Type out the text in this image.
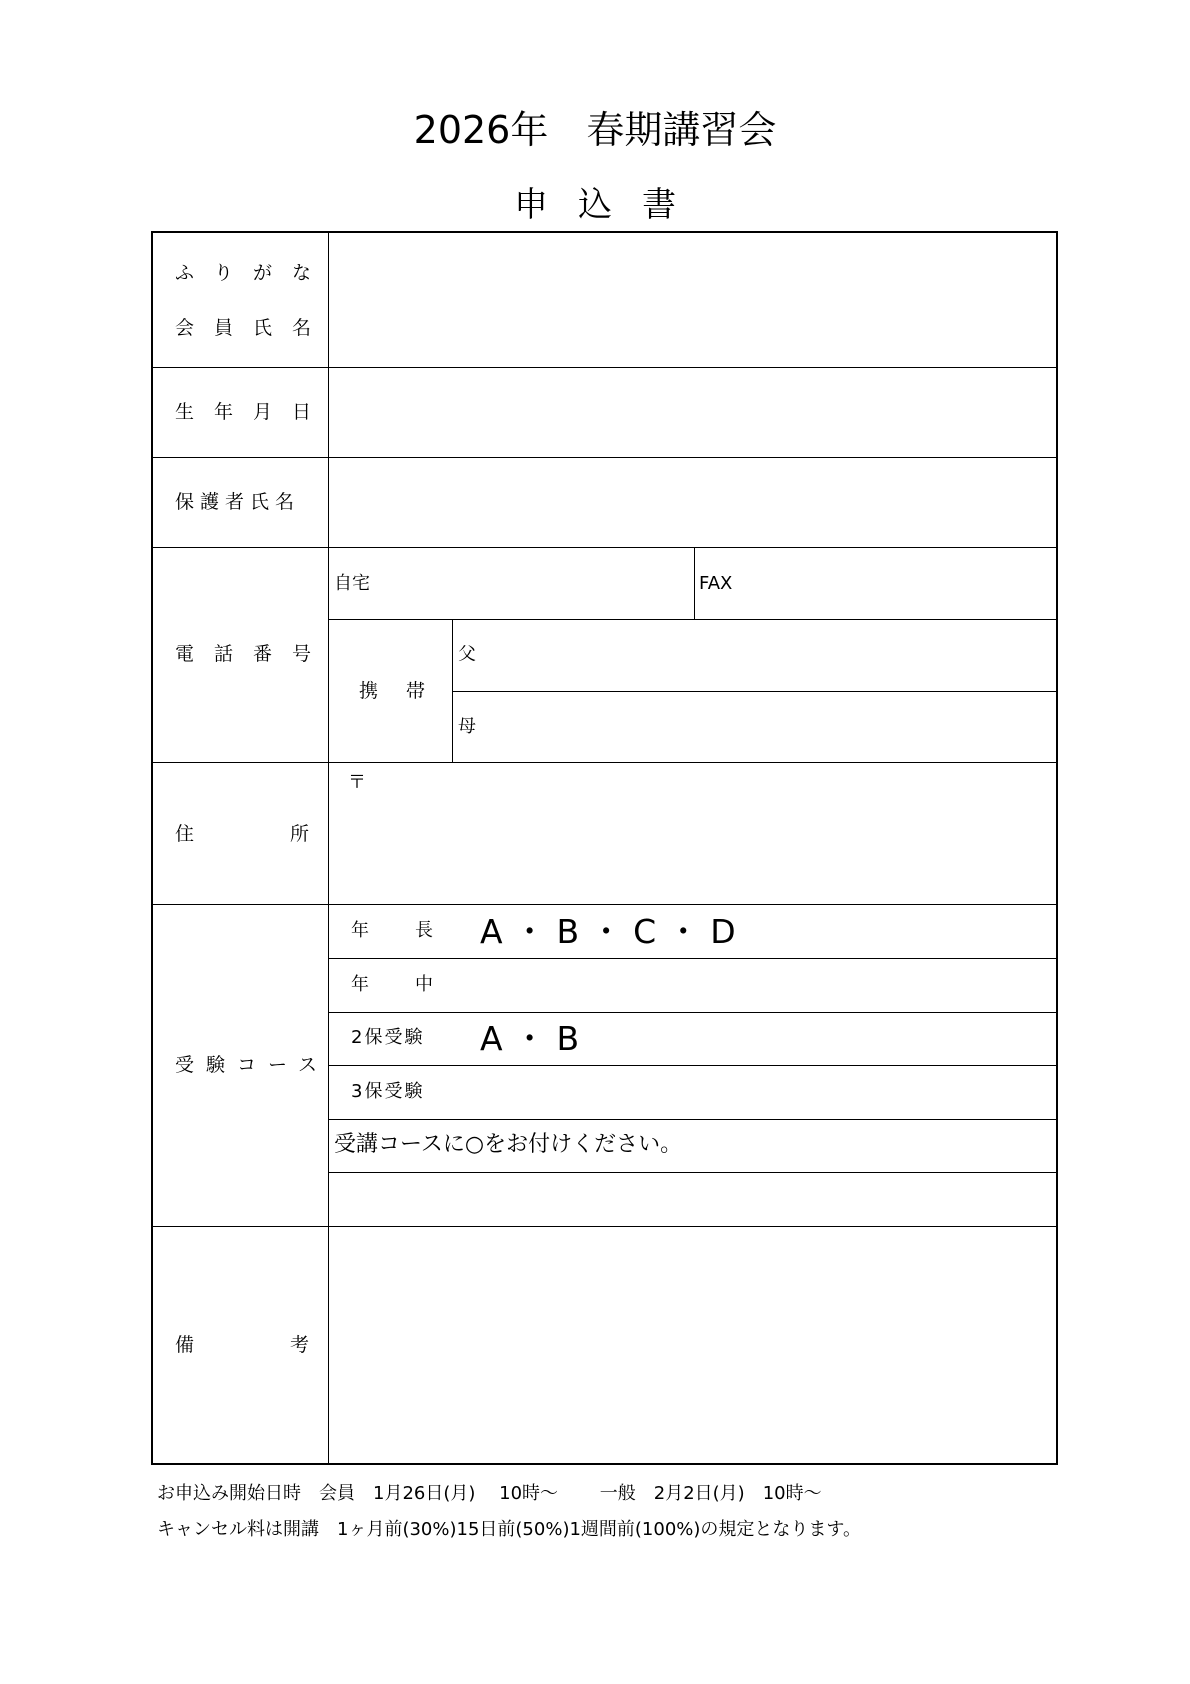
2026年　春期講習会
申込書
ふりがな
会員氏名
生年月日
保護者氏名
電話番号
自宅	FAX
携帯
父
母
住所
〒
受験コース
年　長 A ・ B ・ C ・ D
年　中
2保受験 A ・ B
3保受験
受講コースに○をお付けください。
備考
お申込み開始日時　会員　1月26日(月)　 10時～　　 一般　2月2日(月)　10時～
キャンセル料は開講　1ヶ月前(30%)15日前(50%)1週間前(100%)の規定となります。
